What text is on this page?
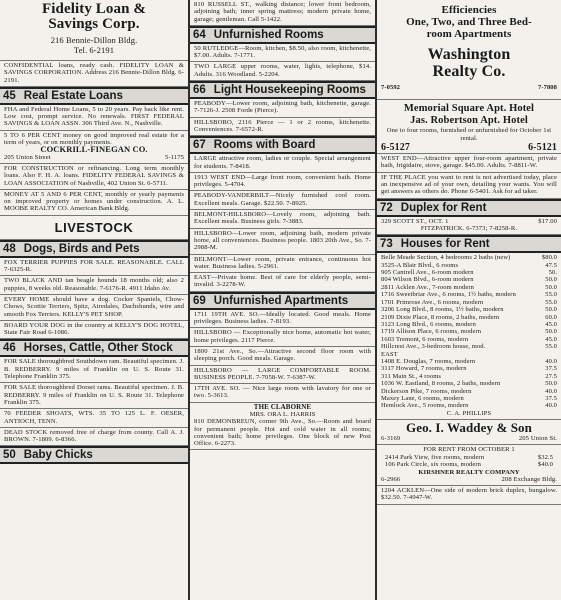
Fidelity Loan &
Savings Corp.
216 Bennie-Dillon Bldg.
Tel. 6-2191
CONFIDENTIAL loans, ready cash. FIDELITY LOAN & SAVINGS CORPORATION. Address 216 Bennie-Dillon Bldg. 6-2191.
45 Real Estate Loans
FHA and Federal Home Loans, 5 to 20 years. Pay back like rent. Low cost, prompt service. No renewals. FIRST FEDERAL SAVINGS & LOAN ASSN. 306 Third Ave. N., Nashville.
5 TO 6 PER CENT money on good improved real estate for a term of years, or on monthly payments.
COCKRILL-FINEGAN CO.
205 Union Street	5-1175
FOR CONSTRUCTION or refinancing. Long term monthly loans. Also F. H. A. loans. FIDELITY FEDERAL SAVINGS & LOAN ASSOCIATION of Nashville, 402 Union St. 6-5711.
MONEY AT 5 AND 6 PER CENT, monthly or yearly payments on improved property or homes under construction. A. L. MOOBE REALTY CO. American Bank Bldg.
LIVESTOCK
48 Dogs, Birds and Pets
FOX TERRIER PUPPIES FOR SALE. REASONABLE. CALL 7-6325-R.
TWO BLACK AND tan beagle hounds 18 months old; also 2 puppies, 8 weeks old. Reasonable. 7-6176-R. 4911 Idaho Av.
EVERY HOME should have a dog. Cocker Spaniels, Chow-Chows, Scottie Terriers, Spitz, Airedales, Dachshunds, wire and smooth Fox Terriers. KELLY'S PET SHOP.
BOARD YOUR DOG in the country at KELLY'S DOG HOTEL, State Fair Road 6-1086.
46 Horses, Cattle, Other Stock
FOR SALE thoroughbred Southdown ram. Beautiful specimen. J. B. REDBERRY. 9 miles of Franklin on U. S. Route 31. Telephone Franklin 375.
FOR SALE thoroughbred Dorset rams. Beautiful specimen. J. B. REDBERRY. 9 miles of Franklin on U. S. Route 31. Telephone Franklin 375.
70 FEEDER SHOATS, WTS. 35 TO 125 L. F. OESER, ANTIOCH, TENN.
DEAD STOCK removed free of charge from county. Call A. J. BROWN. 7-1809. 6-8366.
50 Baby Chicks
810 RUSSELL ST., walking distance; lower front bedroom, adjoining bath; inner spring mattress; modern private home, garage; gentleman. Call 5-1422.
64 Unfurnished Rooms
50 RUTLEDGE—Room, kitchen, $8.50, also room, kitchenette, $7.00. Adults. 7-1771.
TWO LARGE upper rooms, water, lights, telephone, $14. Adults. 316 Woodland. 5-2204.
66 Light Housekeeping Rooms
PEABODY—Lower room, adjoining bath, kitchenette, garage. 7-7126-J. 2508 Forde (Pierce).
HILLSBORO, 2116 Pierce — 1 or 2 rooms, kitchenette. Conveniences. 7-6572-R.
67 Rooms with Board
LARGE attractive room, ladies or couple. Special arrangement for students. 7-8418.
1913 WEST END—Large front room, convenient bath. Home privileges. 5-4704.
PEABODY-VANDERBILT—Nicely furnished cool room. Excellent meals. Garage. $22.50. 7-8925.
BELMONT-HILLSBORO—Lovely room, adjoining bath. Excellent meals. Business girls. 7-3883.
HILLSBORO—Lower room, adjoining bath, modern private home, all conveniences. Business people. 1803 20th Ave., So. 7-2988-M.
BELMONT—Lower room, private entrance, continuous hot water. Business ladies. 5-2961.
EAST—Private home. Best of care for elderly people, semi-invalid. 3-2278-W.
69 Unfurnished Apartments
1711 19TH AVE. SO.—Ideally located. Good meals. Home privileges. Business ladies. 7-8193.
HILLSBORO — Exceptionally nice home, automatic hot water, home privileges. 2117 Pierce.
1800 21st Ave., So.—Attractive second floor room with sleeping porch. Good meals. Garage.
HILLSBORO — LARGE COMFORTABLE ROOM. BUSINESS PEOPLE. 7-7058-W. 7-6387-W.
17TH AVE. SO. — Nice large room with lavatory for one or two. 5-3613.
THE CLABORNE
MRS. ORA L. HARRIS
810 DEMONBREUN, corner 9th Ave., So.—Room and board for permanent people. Hot and cold water in all rooms; convenient bath; home privileges. One block of new Post Office. 6-2273.
Efficiencies
One, Two, and Three Bed-
room Apartments
Washington
Realty Co.
7-0592	7-7808
Memorial Square Apt. Hotel
Jas. Robertson Apt. Hotel
One to four rooms, furnished or unfurnished for October 1st rental.
6-5127	6-5121
WEST END—Attractive upper four-room apartment, private bath, frigidaire, stove, garage. $45.00. Adults. 7-8811-W.
IF THE PLACE you want to rent is not advertised today, place an inexpensive ad of your own, detailing your wants. You will get answers as others do. Phone 6-5401. Ask for ad taker.
72 Duplex for Rent
329 SCOTT ST., OCT. 1	$17.00
FITZPATRICK. 6-7373; 7-8258-R.
73 Houses for Rent
Belle Meade Section, 4 bedrooms 2 baths (new)	$80.0
3525-A Blair Blvd., 6 rooms	47.5
905 Cantrell Ave., 6-room modern	50.
804 Wilson Blvd., 6-room modern	50.0
2811 Acklen Ave., 7-room modern	50.0
1716 Sweetbriar Ave., 6 rooms, 1½ baths, modern	55.0
1701 Primrose Ave., 6 rooms, modern	55.0
3206 Long Blvd., 8 rooms, 1½ baths, modern	50.0
2109 Dixie Place, 8 rooms, 2 baths, modern	60.0
3123 Long Blvd., 6 rooms, modern	45.0
1719 Allison Place, 6 rooms, modern	50.0
1603 Tremont, 6 rooms, modern	45.0
Hillcrest Ave., 3-bedroom house, mod.	55.0
EAST
1408 E. Douglas, 7 rooms, modern	40.0
3117 Howard, 7 rooms, modern	37.5
311 Main St., 4 rooms	27.5
1036 W. Eastland, 8 rooms, 2 baths, modern	50.0
Dickerson Pike, 7 rooms, modern	40.0
Maxey Lane, 6 rooms, modern	37.5
Hemlock Ave., 5 rooms, modern	40.0
C. A. PHILLIPS
Geo. I. Waddey & Son
6-3169	205 Union St.
FOR RENT FROM OCTOBER 1
2414 Park View, five rooms, modern	$32.5
106 Park Circle, six rooms, modern	$40.0
KIRSHNER REALTY COMPANY
6-2966	208 Exchange Bldg.
1204 ACKLEN—One side of modern brick duplex, bungalow. $32.50. 7-4947-W.
